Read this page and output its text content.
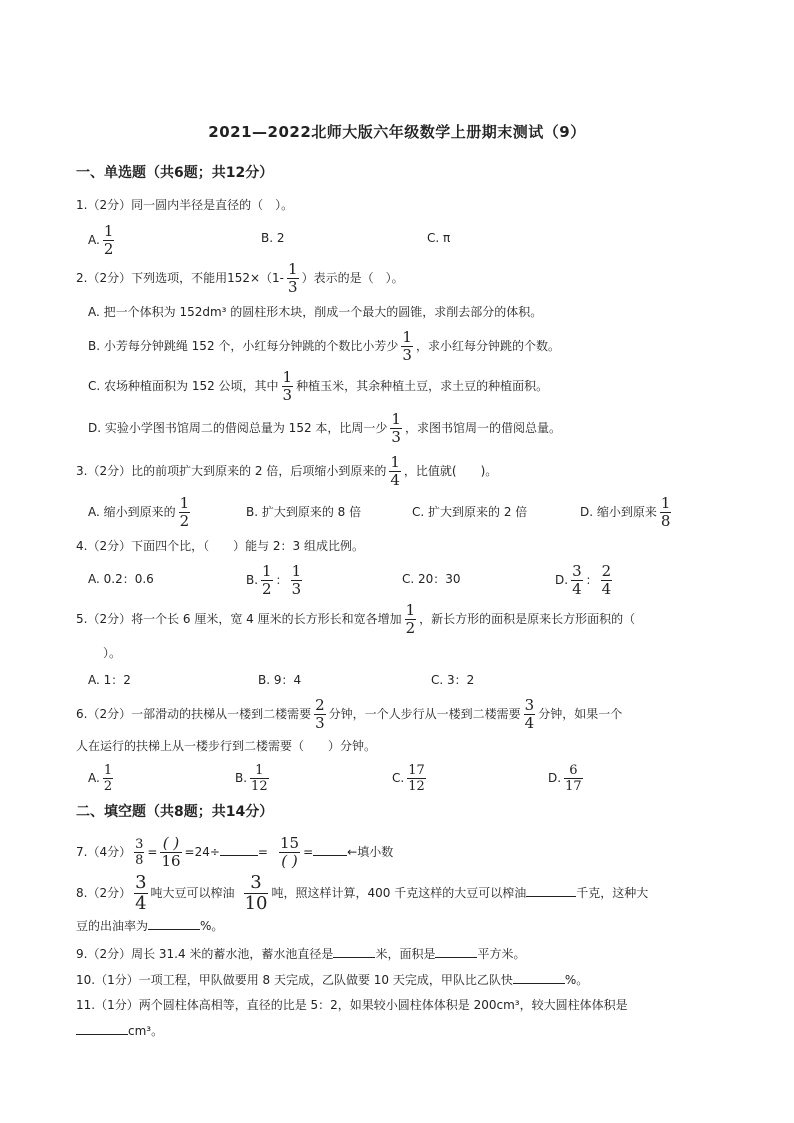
2021—2022北师大版六年级数学上册期末测试（9）
一、单选题（共6题；共12分）
1.（2分）同一圆内半径是直径的（　）。
A. $\frac{1}{2}$	B. 2	C. π
2.（2分）下列选项，不能用$152\times(1- \frac{1}{3}$ ）表示的是（　）。
A. 把一个体积为 152dm³ 的圆柱形木块，削成一个最大的圆锥，求削去部分的体积。
B. 小芳每分钟跳绳 152 个，小红每分钟跳的个数比小芳少 $\frac{1}{3}$ ，求小红每分钟跳的个数。
C. 农场种植面积为 152 公顷，其中 $\frac{1}{3}$ 种植玉米，其余种植土豆，求土豆的种植面积。
D. 实验小学图书馆周二的借阅总量为 152 本，比周一少 $\frac{1}{3}$ ，求图书馆周一的借阅总量。
3.（2分）比的前项扩大到原来的 2 倍，后项缩小到原来的 $\frac{1}{4}$ ，比值就(　　)。
A. 缩小到原来的 $\frac{1}{2}$	B. 扩大到原来的 8 倍	C. 扩大到原来的 2 倍	D. 缩小到原来 $\frac{1}{8}$
4.（2分）下面四个比，（　　）能与 2：3 组成比例。
A. 0.2：0.6	B. $\frac{1}{2}$ ： $\frac{1}{3}$	C. 20：30	D. $\frac{3}{4}$ ： $\frac{2}{4}$
5.（2分）将一个长 6 厘米，宽 4 厘米的长方形长和宽各增加 $\frac{1}{2}$ ，新长方形的面积是原来长方形面积的（
）。
A. 1：2	B. 9：4	C. 3：2
6.（2分）一部滑动的扶梯从一楼到二楼需要 $\frac{2}{3}$ 分钟，一个人步行从一楼到二楼需要 $\frac{3}{4}$ 分钟，如果一个
人在运行的扶梯上从一楼步行到二楼需要（　　）分钟。
A. $\frac{1}{2}$	B. $\frac{1}{12}$	C. $\frac{17}{12}$	D. $\frac{6}{17}$
二、填空题（共8题；共14分）
7.（4分） $\frac{3}{8} = \frac{( )}{16} =24\div$	= $\frac{15}{( )}$ =	←填小数
8.（2分） $\frac{3}{4}$ 吨大豆可以榨油 $\frac{3}{10}$ 吨，照这样计算，400 千克这样的大豆可以榨油	千克，这种大
豆的出油率为	%。
9.（2分）周长 31.4 米的蓄水池，蓄水池直径是	米，面积是	平方米。
10.（1分）一项工程，甲队做要用 8 天完成，乙队做要 10 天完成，甲队比乙队快	%。
11.（1分）两个圆柱体高相等，直径的比是 5：2，如果较小圆柱体体积是 200cm³，较大圆柱体体积是
cm³。
